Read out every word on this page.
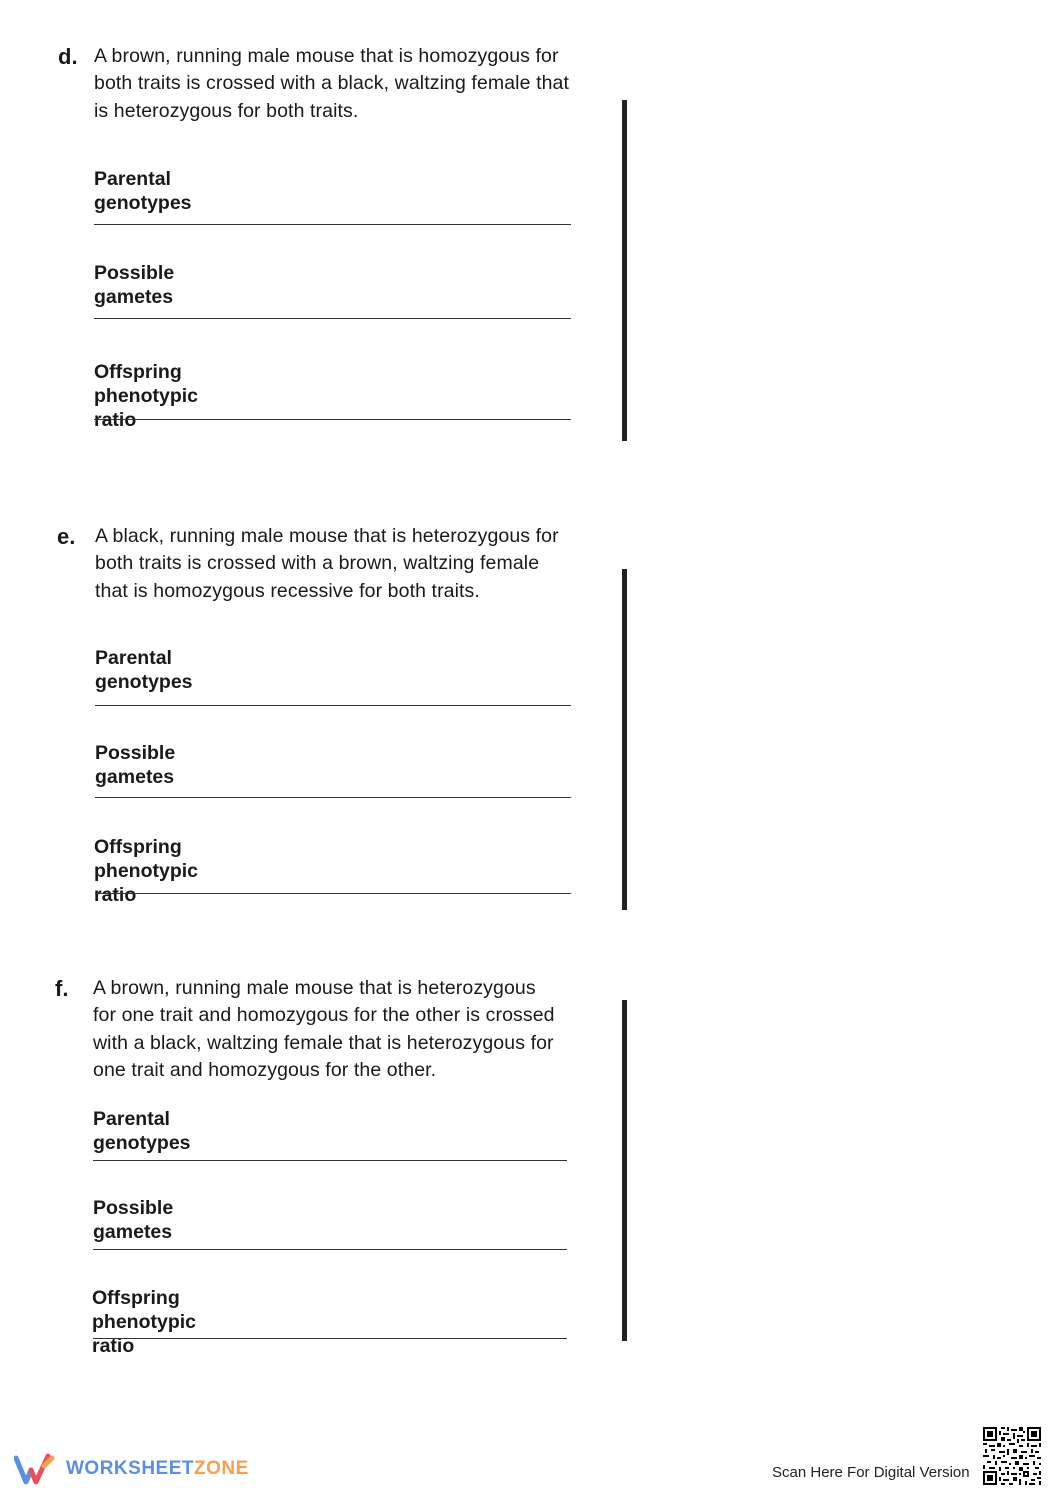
d. A brown, running male mouse that is homozygous for
both traits is crossed with a black, waltzing female that
is heterozygous for both traits.
Parental genotypes
Possible gametes
Offspring phenotypic ratio

e. A black, running male mouse that is heterozygous for
both traits is crossed with a brown, waltzing female
that is homozygous recessive for both traits.
Parental genotypes
Possible gametes
Offspring phenotypic ratio

f. A brown, running male mouse that is heterozygous
for one trait and homozygous for the other is crossed
with a black, waltzing female that is heterozygous for
one trait and homozygous for the other.
Parental genotypes
Possible gametes
Offspring phenotypic ratio

WORKSHEETZONE	Scan Here For Digital Version
